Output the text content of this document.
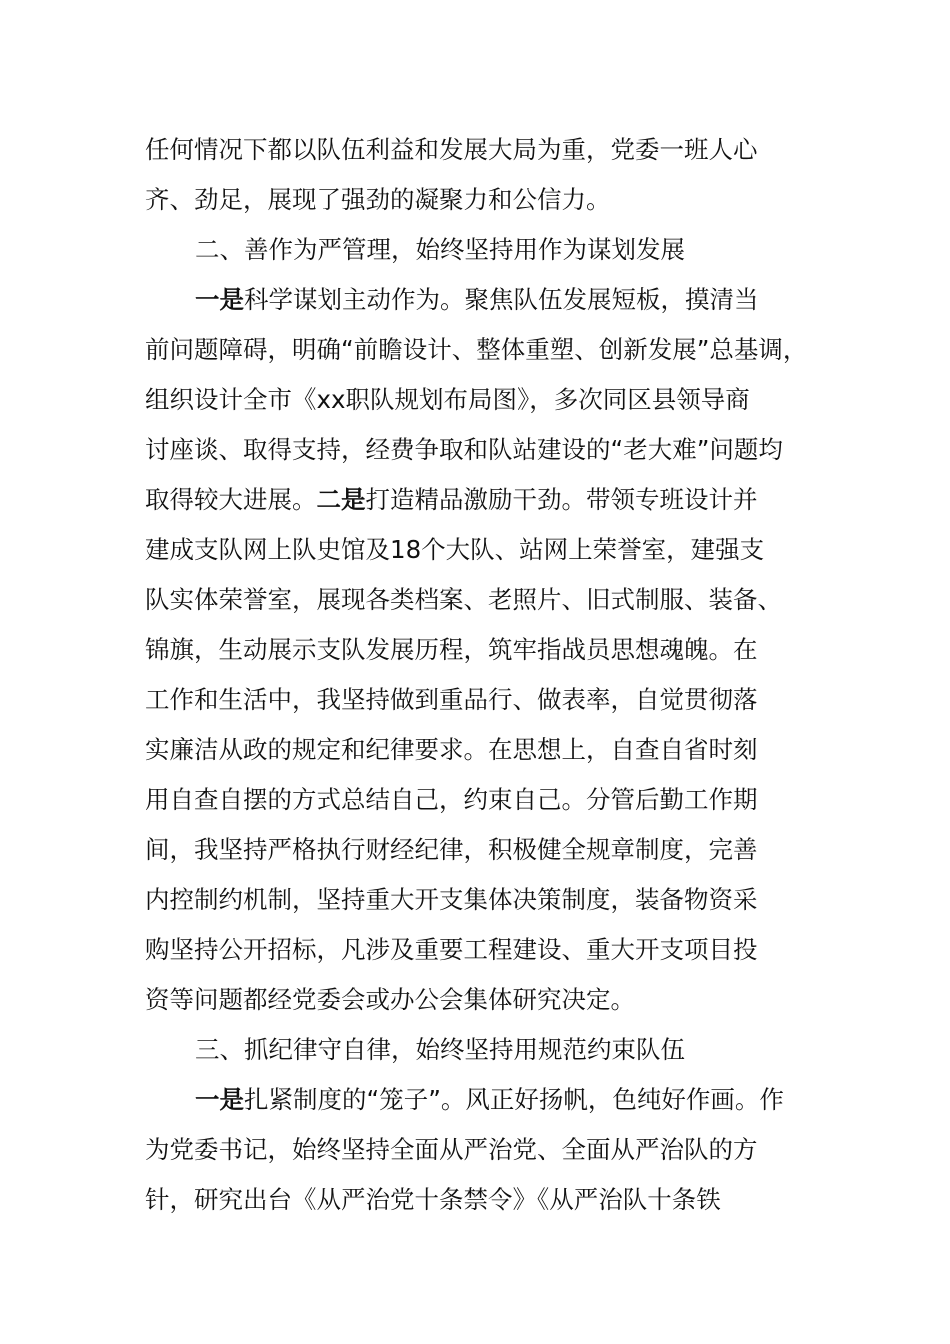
任何情况下都以队伍利益和发展大局为重，党委一班人心
齐、劲足，展现了强劲的凝聚力和公信力。
二、善作为严管理，始终坚持用作为谋划发展
一是科学谋划主动作为。聚焦队伍发展短板，摸清当
前问题障碍，明确“前瞻设计、整体重塑、创新发展”总基调，
组织设计全市《xx职队规划布局图》，多次同区县领导商
讨座谈、取得支持，经费争取和队站建设的“老大难”问题均
取得较大进展。二是打造精品激励干劲。带领专班设计并
建成支队网上队史馆及18个大队、站网上荣誉室，建强支
队实体荣誉室，展现各类档案、老照片、旧式制服、装备、
锦旗，生动展示支队发展历程，筑牢指战员思想魂魄。在
工作和生活中，我坚持做到重品行、做表率，自觉贯彻落
实廉洁从政的规定和纪律要求。在思想上，自查自省时刻
用自查自摆的方式总结自己，约束自己。分管后勤工作期
间，我坚持严格执行财经纪律，积极健全规章制度，完善
内控制约机制，坚持重大开支集体决策制度，装备物资采
购坚持公开招标，凡涉及重要工程建设、重大开支项目投
资等问题都经党委会或办公会集体研究决定。
三、抓纪律守自律，始终坚持用规范约束队伍
一是扎紧制度的“笼子”。风正好扬帆，色纯好作画。作
为党委书记，始终坚持全面从严治党、全面从严治队的方
针，研究出台《从严治党十条禁令》《从严治队十条铁
